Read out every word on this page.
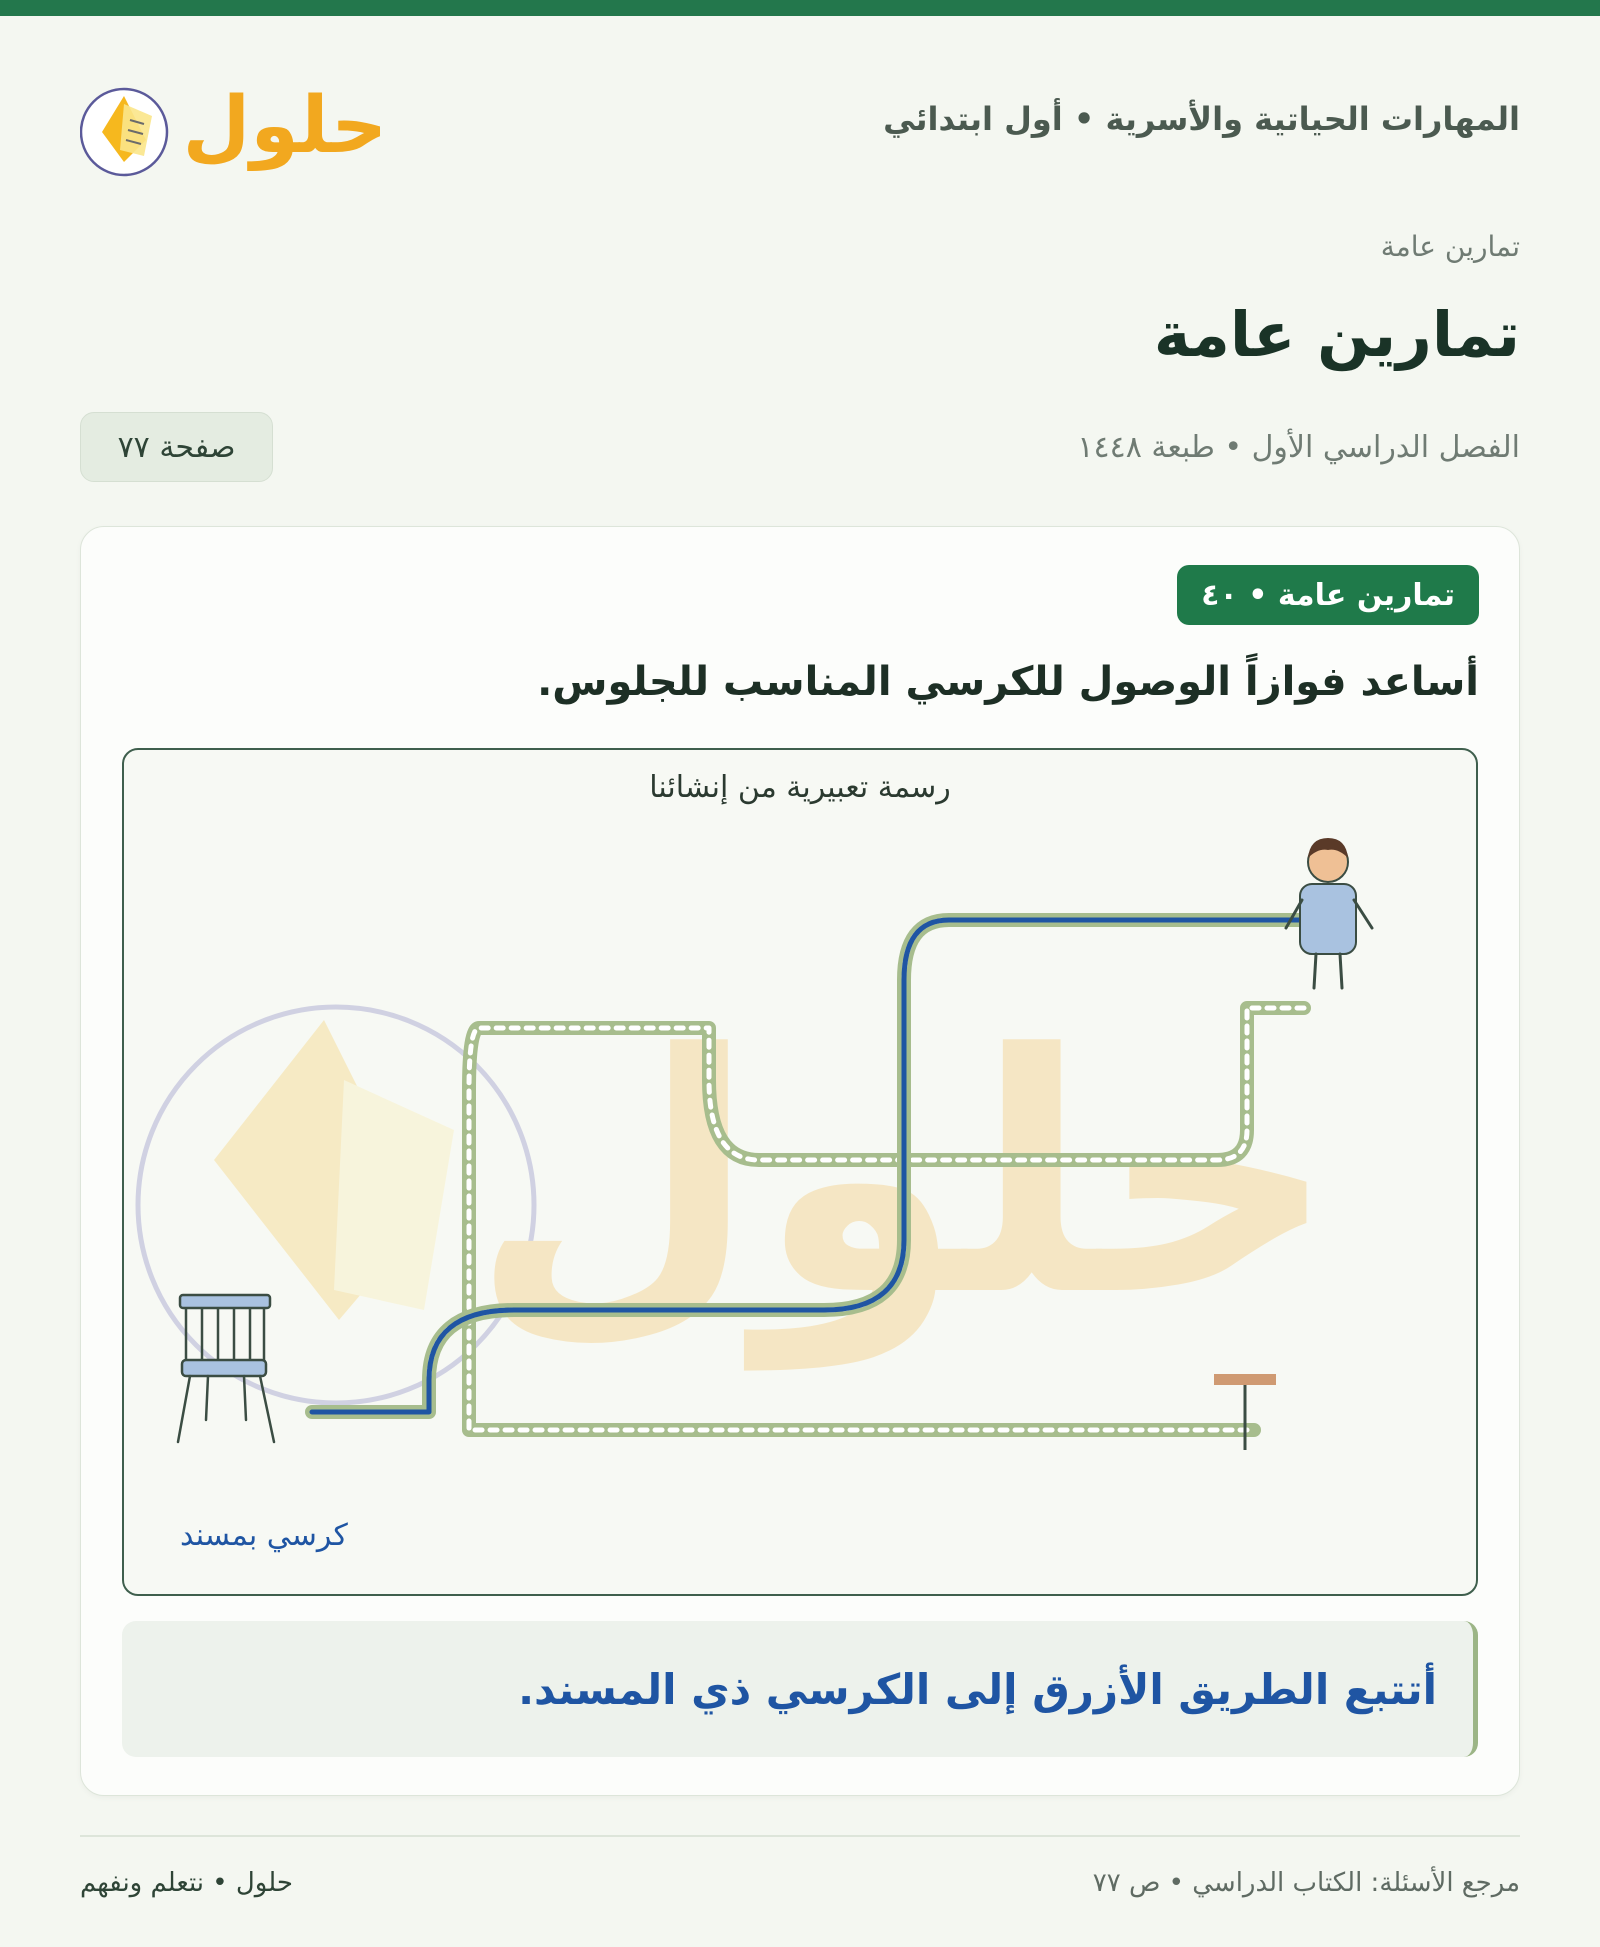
المهارات الحياتية والأسرية • أول ابتدائي
حلول
تمارين عامة
تمارين عامة
الفصل الدراسي الأول • طبعة ١٤٤٨
صفحة ٧٧
تمارين عامة • ٤٠
أساعد فوازاً الوصول للكرسي المناسب للجلوس.
حلول
رسمة تعبيرية من إنشائنا
كرسي بمسند
أتتبع الطريق الأزرق إلى الكرسي ذي المسند.
مرجع الأسئلة: الكتاب الدراسي • ص ٧٧
حلول • نتعلم ونفهم
